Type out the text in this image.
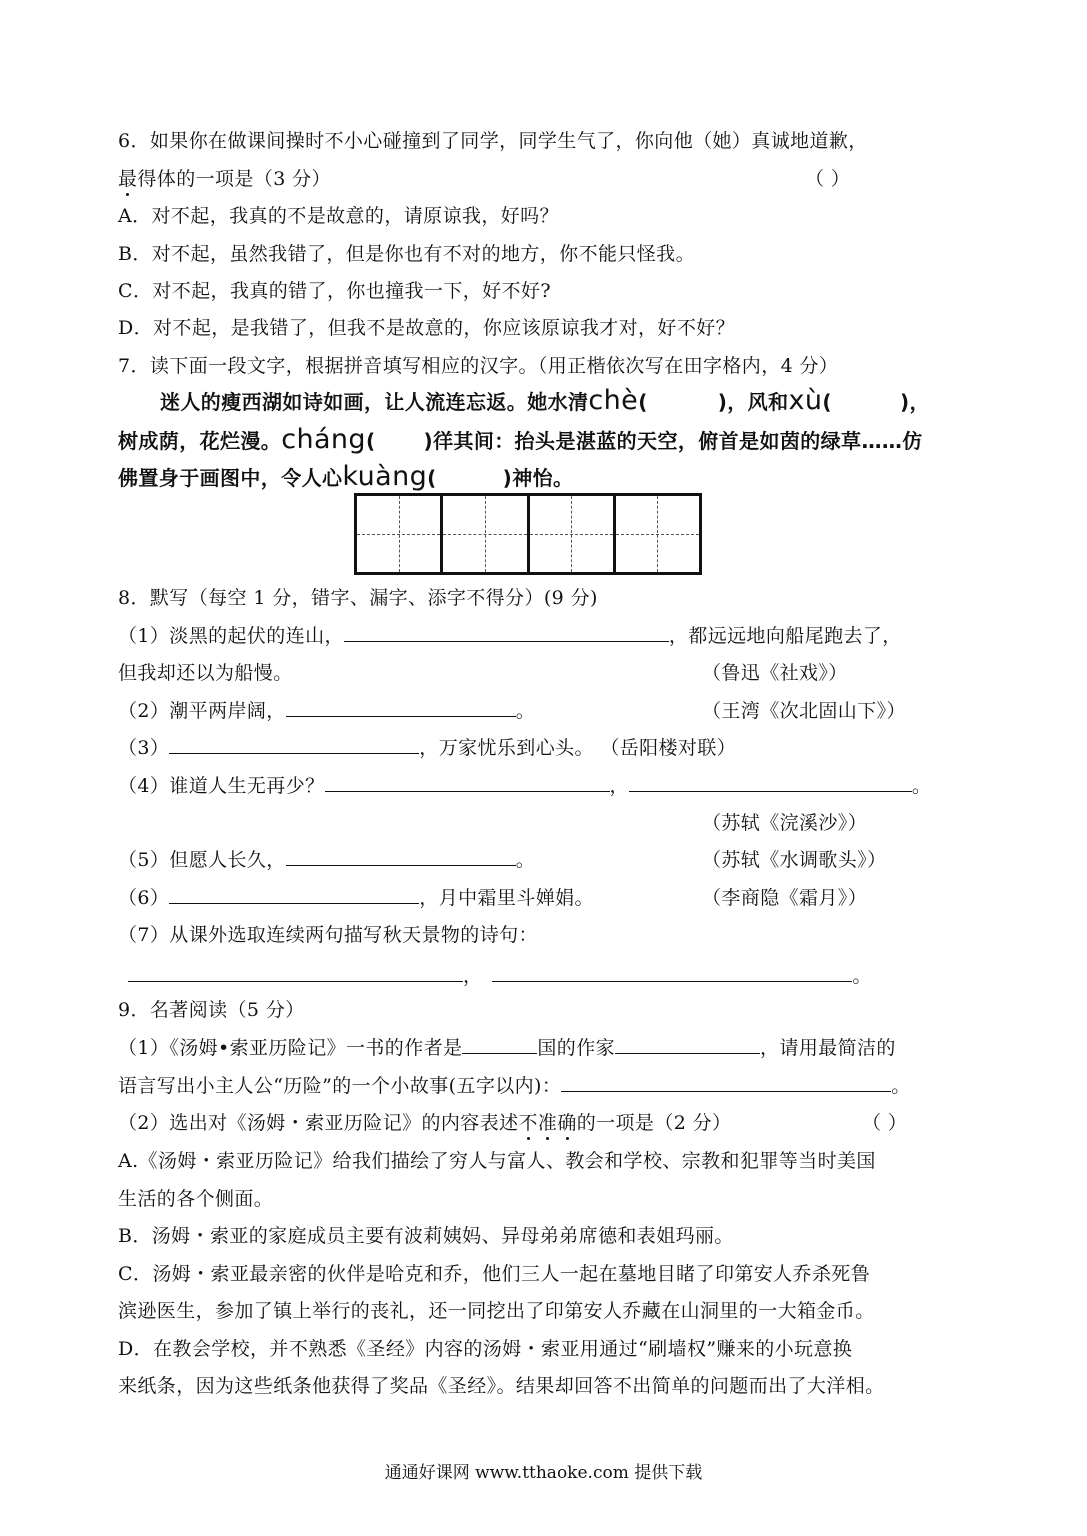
6．如果你在做课间操时不小心碰撞到了同学，同学生气了，你向他（她）真诚地道歉，
最得体的一项是（3 分）	（ ）
A．对不起，我真的不是故意的，请原谅我，好吗？
B．对不起，虽然我错了，但是你也有不对的地方，你不能只怪我。
C．对不起，我真的错了，你也撞我一下，好不好?
D．对不起，是我错了，但我不是故意的，你应该原谅我才对，好不好？
7．读下面一段文字，根据拼音填写相应的汉字。（用正楷依次写在田字格内，4 分）
迷人的瘦西湖如诗如画，让人流连忘返。她水清chè(	)，风和xù(	)，
树成荫，花烂漫。cháng( )徉其间：抬头是湛蓝的天空，俯首是如茵的绿草……仿
佛置身于画图中，令人心kuàng(	)神怡。
8．默写（每空 1 分，错字、漏字、添字不得分）(9 分)
（1）淡黑的起伏的连山，	，都远远地向船尾跑去了，
但我却还以为船慢。	（鲁迅《社戏》）
（2）潮平两岸阔，	。	（王湾《次北固山下》）
（3）	，万家忧乐到心头。 （岳阳楼对联）
（4）谁道人生无再少？	，	。
（苏轼《浣溪沙》）
（5）但愿人长久，	。	（苏轼《水调歌头》）
（6）	，月中霜里斗婵娟。	（李商隐《霜月》）
（7）从课外选取连续两句描写秋天景物的诗句：
，	。
9．名著阅读（5 分）
（1）《汤姆•索亚历险记》一书的作者是	国的作家	，请用最简洁的
语言写出小主人公“历险”的一个小故事(五字以内)：	。
（2）选出对《汤姆・索亚历险记》的内容表述不准确的一项是（2 分）	（ ）
A.《汤姆・索亚历险记》给我们描绘了穷人与富人、教会和学校、宗教和犯罪等当时美国
生活的各个侧面。
B．汤姆・索亚的家庭成员主要有波莉姨妈、异母弟弟席德和表姐玛丽。
C．汤姆・索亚最亲密的伙伴是哈克和乔，他们三人一起在墓地目睹了印第安人乔杀死鲁
滨逊医生，参加了镇上举行的丧礼，还一同挖出了印第安人乔藏在山洞里的一大箱金币。
D．在教会学校，并不熟悉《圣经》内容的汤姆・索亚用通过“刷墙权”赚来的小玩意换
来纸条，因为这些纸条他获得了奖品《圣经》。结果却回答不出简单的问题而出了大洋相。
通通好课网 www.tthaoke.com 提供下载
